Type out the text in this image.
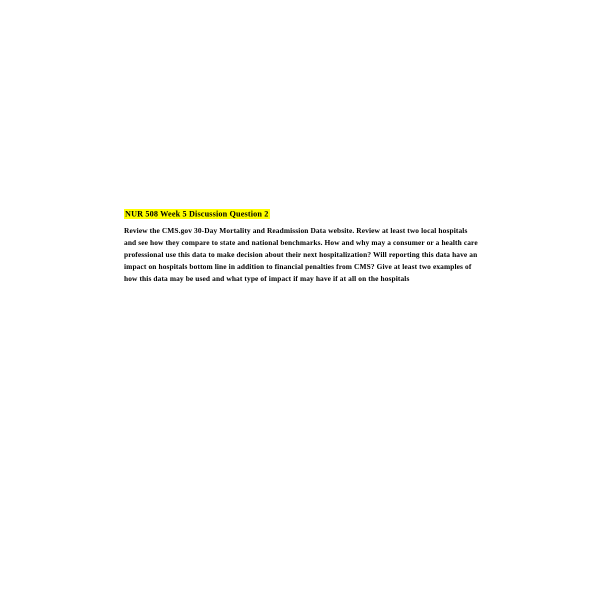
NUR 508 Week 5 Discussion Question 2

Review the CMS.gov 30-Day Mortality and Readmission Data website. Review at least two local hospitals and see how they compare to state and national benchmarks. How and why may a consumer or a health care professional use this data to make decision about their next hospitalization? Will reporting this data have an impact on hospitals bottom line in addition to financial penalties from CMS? Give at least two examples of how this data may be used and what type of impact if may have if at all on the hospitals
